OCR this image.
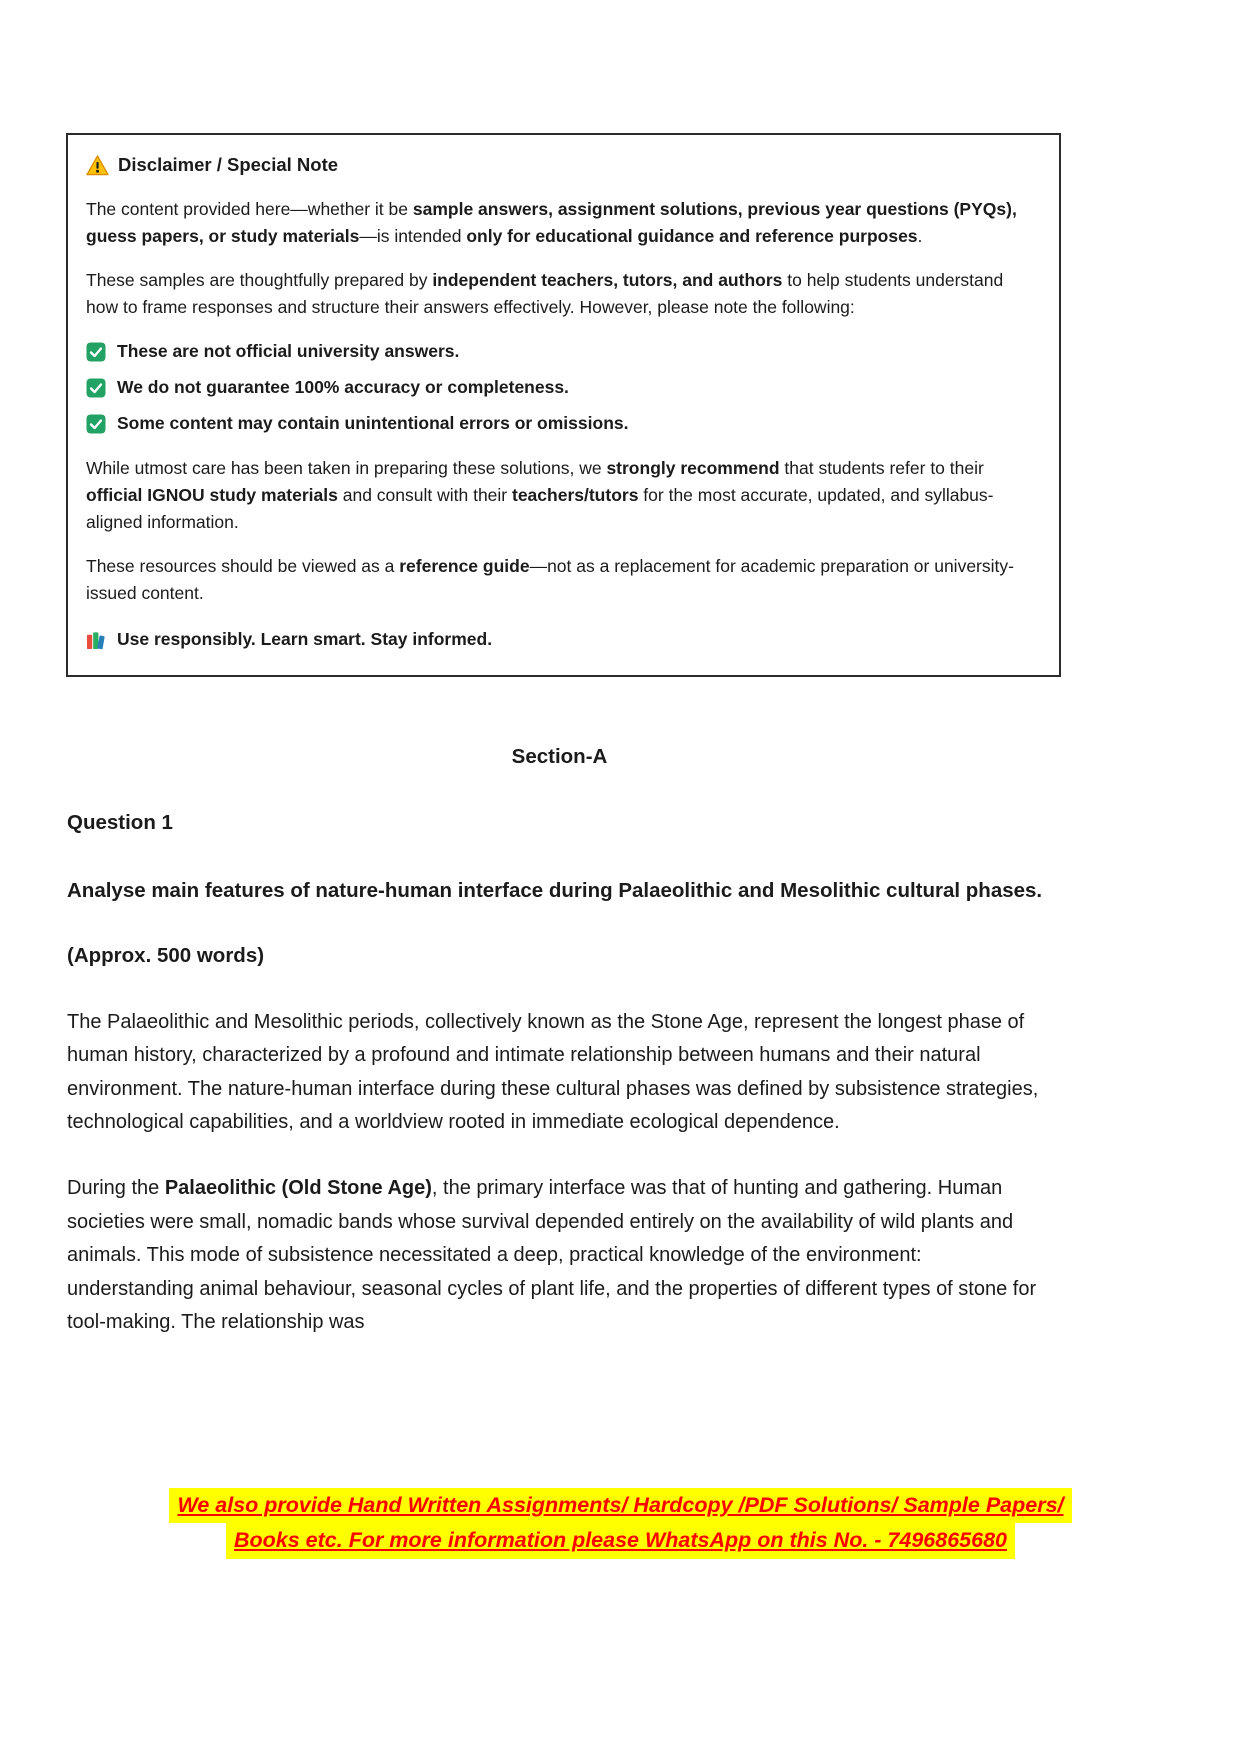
Disclaimer / Special Note

The content provided here—whether it be sample answers, assignment solutions, previous year questions (PYQs), guess papers, or study materials—is intended only for educational guidance and reference purposes.

These samples are thoughtfully prepared by independent teachers, tutors, and authors to help students understand how to frame responses and structure their answers effectively. However, please note the following:

These are not official university answers.
We do not guarantee 100% accuracy or completeness.
Some content may contain unintentional errors or omissions.

While utmost care has been taken in preparing these solutions, we strongly recommend that students refer to their official IGNOU study materials and consult with their teachers/tutors for the most accurate, updated, and syllabus-aligned information.

These resources should be viewed as a reference guide—not as a replacement for academic preparation or university-issued content.

Use responsibly. Learn smart. Stay informed.
Section-A
Question 1

Analyse main features of nature-human interface during Palaeolithic and Mesolithic cultural phases.

(Approx. 500 words)

The Palaeolithic and Mesolithic periods, collectively known as the Stone Age, represent the longest phase of human history, characterized by a profound and intimate relationship between humans and their natural environment. The nature-human interface during these cultural phases was defined by subsistence strategies, technological capabilities, and a worldview rooted in immediate ecological dependence.

During the Palaeolithic (Old Stone Age), the primary interface was that of hunting and gathering. Human societies were small, nomadic bands whose survival depended entirely on the availability of wild plants and animals. This mode of subsistence necessitated a deep, practical knowledge of the environment: understanding animal behaviour, seasonal cycles of plant life, and the properties of different types of stone for tool-making. The relationship was

We also provide Hand Written Assignments/ Hardcopy /PDF Solutions/ Sample Papers/
Books etc. For more information please WhatsApp on this No. - 7496865680
